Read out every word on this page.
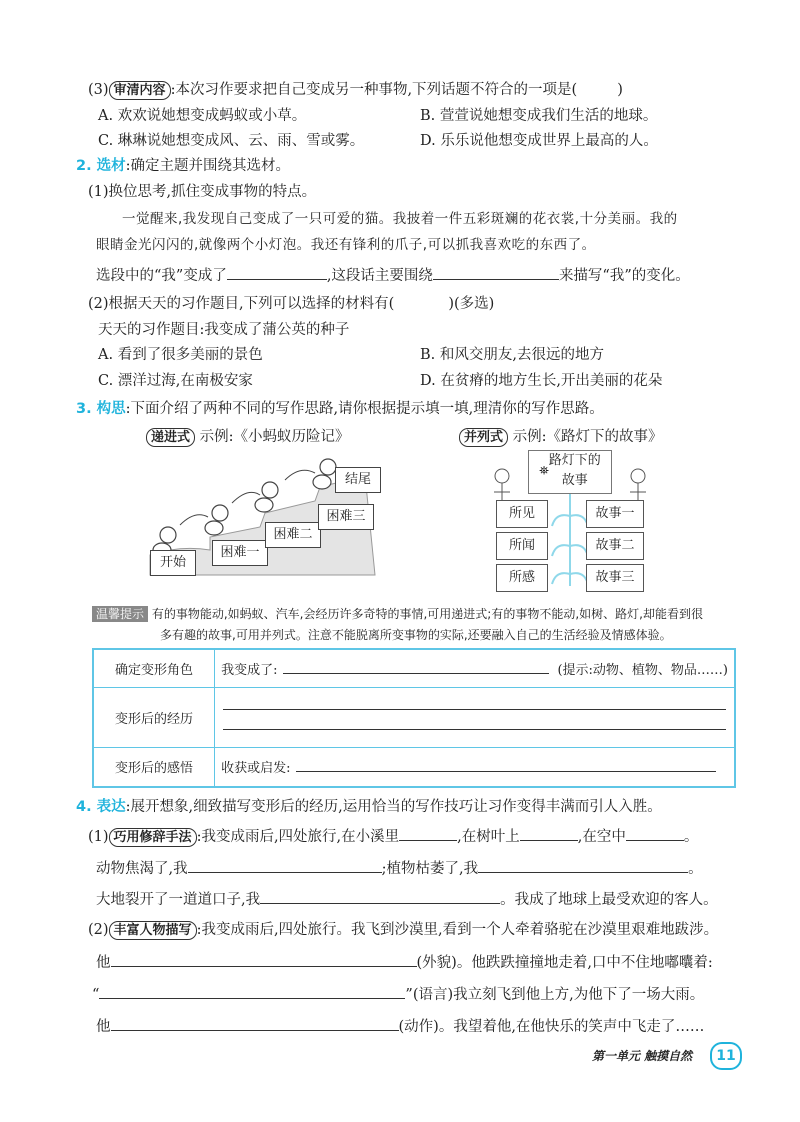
(3) 审清内容 :本次习作要求把自己变成另一种事物,下列话题不符合的一项是(	)
A. 欢欢说她想变成蚂蚁或小草。	B. 萱萱说她想变成我们生活的地球。
C. 琳琳说她想变成风、云、雨、雪或雾。	D. 乐乐说他想变成世界上最高的人。
2. 选材:确定主题并围绕其选材。
(1)换位思考,抓住变成事物的特点。
一觉醒来,我发现自己变成了一只可爱的猫。我披着一件五彩斑斓的花衣裳,十分美丽。我的
眼睛金光闪闪的,就像两个小灯泡。我还有锋利的爪子,可以抓我喜欢吃的东西了。
选段中的“我”变成了	,这段话主要围绕	来描写“我”的变化。
(2)根据天天的习作题目,下列可以选择的材料有(	)(多选)
天天的习作题目:我变成了蒲公英的种子
A. 看到了很多美丽的景色	B. 和风交朋友,去很远的地方
C. 漂洋过海,在南极安家	D. 在贫瘠的地方生长,开出美丽的花朵
3. 构思:下面介绍了两种不同的写作思路,请你根据提示填一填,理清你的写作思路。
递进式 示例:《小蚂蚁历险记》	并列式 示例:《路灯下的故事》
开始
困难一
困难二
困难三
结尾
⛯路灯下的故事
所见
所闻
所感
故事一
故事二
故事三
温馨提示 有的事物能动,如蚂蚁、汽车,会经历许多奇特的事情,可用递进式;有的事物不能动,如树、路灯,却能看到很
多有趣的故事,可用并列式。注意不能脱离所变事物的实际,还要融入自己的生活经验及情感体验。
确定变形角色	我变成了: (提示:动物、植物、物品……)
变形后的经历	

变形后的感悟	收获或启发:
4. 表达:展开想象,细致描写变形后的经历,运用恰当的写作技巧让习作变得丰满而引人入胜。
(1) 巧用修辞手法 :我变成雨后,四处旅行,在小溪里	,在树叶上	,在空中	。
动物焦渴了,我	;植物枯萎了,我	。
大地裂开了一道道口子,我	。我成了地球上最受欢迎的客人。
(2) 丰富人物描写 :我变成雨后,四处旅行。我飞到沙漠里,看到一个人牵着骆驼在沙漠里艰难地跋涉。
他	(外貌)。他跌跌撞撞地走着,口中不住地嘟囔着:
“	”(语言)我立刻飞到他上方,为他下了一场大雨。
他	(动作)。我望着他,在他快乐的笑声中飞走了……
第一单元 触摸自然	11
